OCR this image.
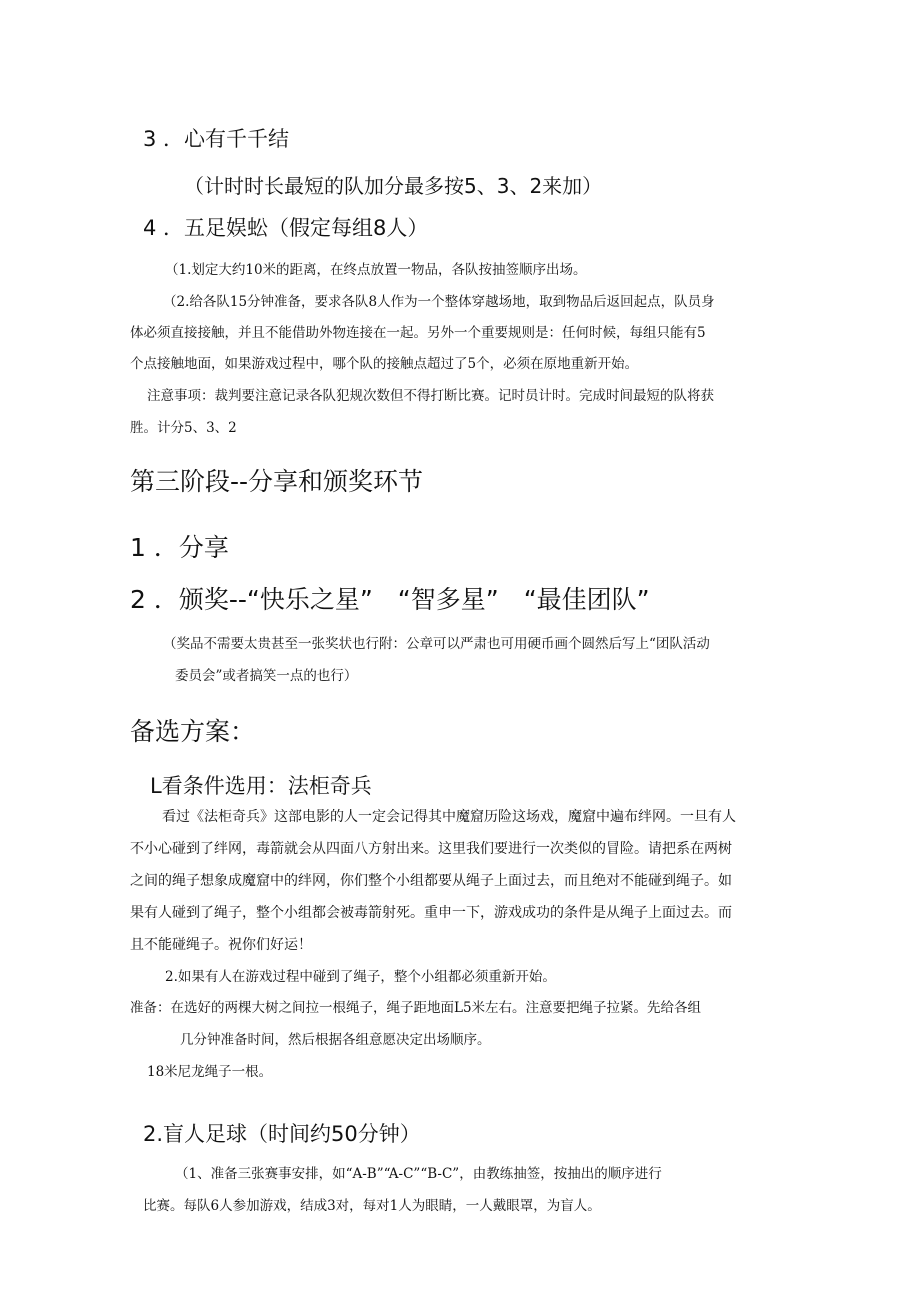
3 ．心有千千结
（计时时长最短的队加分最多按5、3、2来加）
4 ．五足娱蚣（假定每组8人）
（1.划定大约10米的距离，在终点放置一物品，各队按抽签顺序出场。
（2.给各队15分钟准备，要求各队8人作为一个整体穿越场地，取到物品后返回起点，队员身
体必须直接接触，并且不能借助外物连接在一起。另外一个重要规则是：任何时候，每组只能有5
个点接触地面，如果游戏过程中，哪个队的接触点超过了5个，必须在原地重新开始。
注意事项：裁判要注意记录各队犯规次数但不得打断比赛。记时员计时。完成时间最短的队将获
胜。计分5、3、2
第三阶段--分享和颁奖环节
1 ．分享
2 ．颁奖--“快乐之星”　“智多星”　“最佳团队”
（奖品不需要太贵甚至一张奖状也行附：公章可以严肃也可用硬币画个圆然后写上“团队活动
委员会”或者搞笑一点的也行）
备选方案：
L看条件选用：法柜奇兵
看过《法柜奇兵》这部电影的人一定会记得其中魔窟历险这场戏，魔窟中遍布绊网。一旦有人
不小心碰到了绊网，毒箭就会从四面八方射出来。这里我们要进行一次类似的冒险。请把系在两树
之间的绳子想象成魔窟中的绊网，你们整个小组都要从绳子上面过去，而且绝对不能碰到绳子。如
果有人碰到了绳子，整个小组都会被毒箭射死。重申一下，游戏成功的条件是从绳子上面过去。而
且不能碰绳子。祝你们好运！
2.如果有人在游戏过程中碰到了绳子，整个小组都必须重新开始。
准备：在选好的两棵大树之间拉一根绳子，绳子距地面L5米左右。注意要把绳子拉紧。先给各组
几分钟准备时间，然后根据各组意愿决定出场顺序。
18米尼龙绳子一根。
2.盲人足球（时间约50分钟）
（1、准备三张赛事安排，如“A-B”“A-C”“B-C”，由教练抽签，按抽出的顺序进行
比赛。每队6人参加游戏，结成3对，每对1人为眼睛，一人戴眼罩，为盲人。
